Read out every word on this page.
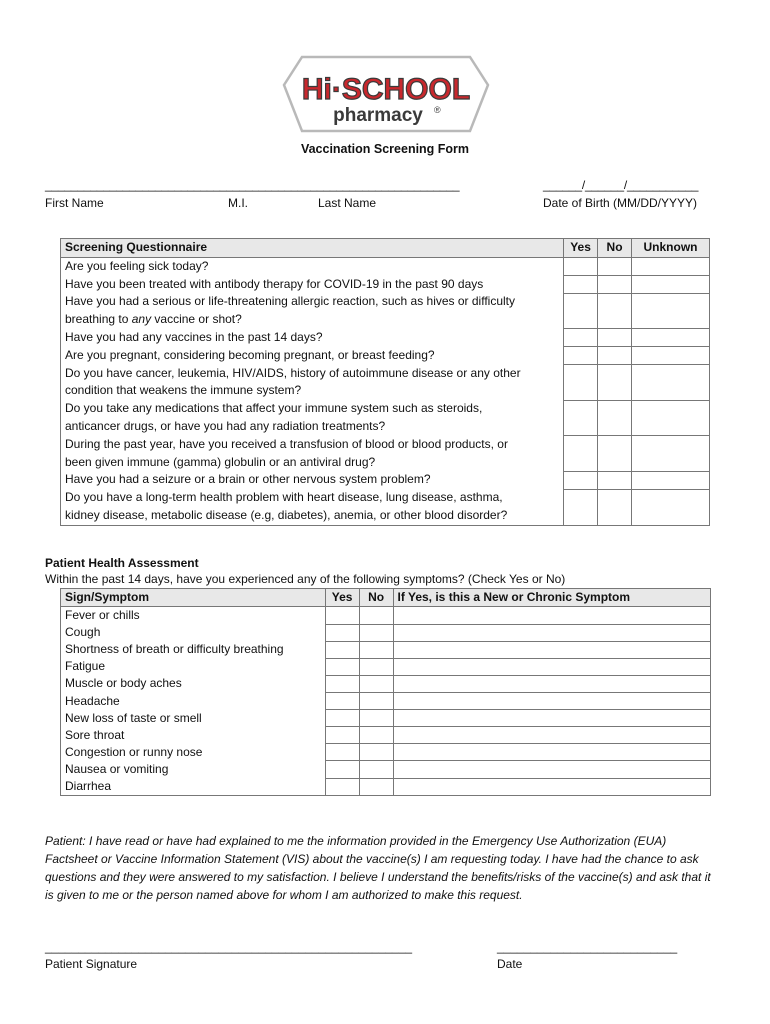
Hi·SCHOOL
pharmacy ®
Vaccination Screening Form
________________________________________________________________	______/______/___________
First Name	M.I.	Last Name	Date of Birth (MM/DD/YYYY)
Screening Questionnaire	Yes	No	Unknown

Are you feeling sick today?			

Have you been treated with antibody therapy for COVID-19 in the past 90 days			

Have you had a serious or life-threatening allergic reaction, such as hives or difficulty
breathing to any vaccine or shot?			

Have you had any vaccines in the past 14 days?			

Are you pregnant, considering becoming pregnant, or breast feeding?			

Do you have cancer, leukemia, HIV/AIDS, history of autoimmune disease or any other
condition that weakens the immune system?			

Do you take any medications that affect your immune system such as steroids,
anticancer drugs, or have you had any radiation treatments?			

During the past year, have you received a transfusion of blood or blood products, or
been given immune (gamma) globulin or an antiviral drug?			

Have you had a seizure or a brain or other nervous system problem?			

Do you have a long-term health problem with heart disease, lung disease, asthma,
kidney disease, metabolic disease (e.g, diabetes), anemia, or other blood disorder?			

Patient Health Assessment
Within the past 14 days, have you experienced any of the following symptoms? (Check Yes or No)
Sign/Symptom	Yes	No	If Yes, is this a New or Chronic Symptom
Fever or chills			
Cough			
Shortness of breath or difficulty breathing			
Fatigue			
Muscle or body aches			
Headache			
New loss of taste or smell			
Sore throat			
Congestion or runny nose			
Nausea or vomiting			
Diarrhea			
Patient: I have read or have had explained to me the information provided in the Emergency Use Authorization (EUA) Factsheet or Vaccine Information Statement (VIS) about the vaccine(s) I am requesting today. I have had the chance to ask questions and they were answered to my satisfaction. I believe I understand the benefits/risks of the vaccine(s) and ask that it is given to me or the person named above for whom I am authorized to make this request.
_______________________________________________________	___________________________
Patient Signature	Date
